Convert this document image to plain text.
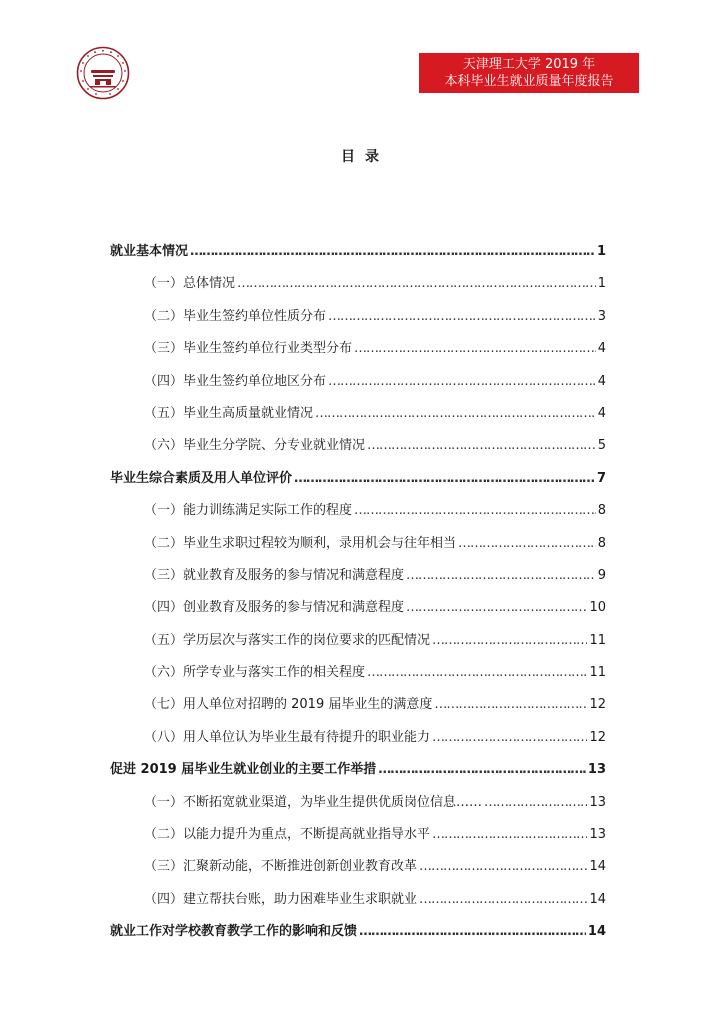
天津理工大学 2019 年
本科毕业生就业质量年度报告
目录
就业基本情况 ……………………………………………………………………………………………………………………………………………………………………	1
（一）总体情况 ……………………………………………………………………………………………………………………………………………………………………	1
（二）毕业生签约单位性质分布 ……………………………………………………………………………………………………………………………………………………………………	3
（三）毕业生签约单位行业类型分布 ……………………………………………………………………………………………………………………………………………………………………	4
（四）毕业生签约单位地区分布 ……………………………………………………………………………………………………………………………………………………………………	4
（五）毕业生高质量就业情况 ……………………………………………………………………………………………………………………………………………………………………	4
（六）毕业生分学院、分专业就业情况 ……………………………………………………………………………………………………………………………………………………………………	5
毕业生综合素质及用人单位评价 ……………………………………………………………………………………………………………………………………………………………………	7
（一）能力训练满足实际工作的程度 ……………………………………………………………………………………………………………………………………………………………………	8
（二）毕业生求职过程较为顺利，录用机会与往年相当 ……………………………………………………………………………………………………………………………………………………………………	8
（三）就业教育及服务的参与情况和满意程度 ……………………………………………………………………………………………………………………………………………………………………	9
（四）创业教育及服务的参与情况和满意程度 ……………………………………………………………………………………………………………………………………………………………………	10
（五）学历层次与落实工作的岗位要求的匹配情况 ……………………………………………………………………………………………………………………………………………………………………	11
（六）所学专业与落实工作的相关程度 ……………………………………………………………………………………………………………………………………………………………………	11
（七）用人单位对招聘的 2019 届毕业生的满意度 ……………………………………………………………………………………………………………………………………………………………………	12
（八）用人单位认为毕业生最有待提升的职业能力 ……………………………………………………………………………………………………………………………………………………………………	12
促进 2019 届毕业生就业创业的主要工作举措 ……………………………………………………………………………………………………………………………………………………………………	13
（一）不断拓宽就业渠道，为毕业生提供优质岗位信息…… ……………………………………………………………………………………………………………………………………………………………………	13
（二）以能力提升为重点，不断提高就业指导水平 ……………………………………………………………………………………………………………………………………………………………………	13
（三）汇聚新动能，不断推进创新创业教育改革 ……………………………………………………………………………………………………………………………………………………………………	14
（四）建立帮扶台账，助力困难毕业生求职就业 ……………………………………………………………………………………………………………………………………………………………………	14
就业工作对学校教育教学工作的影响和反馈 ……………………………………………………………………………………………………………………………………………………………………	14
